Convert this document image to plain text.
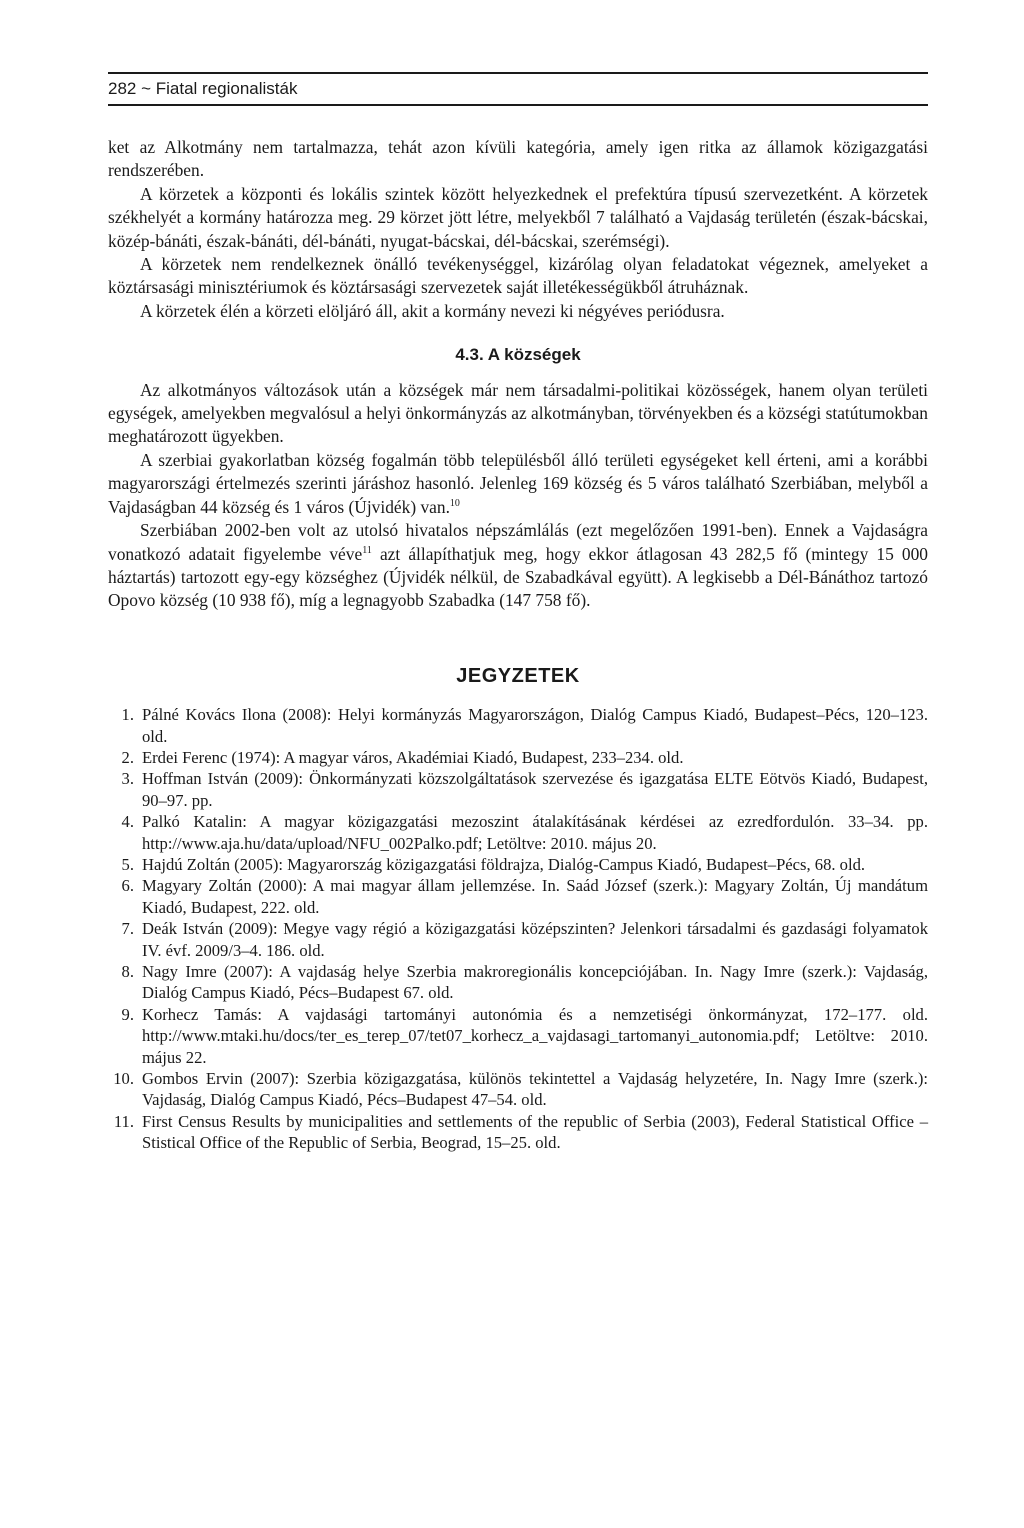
282 ~ Fiatal regionalisták

ket az Alkotmány nem tartalmazza, tehát azon kívüli kategória, amely igen ritka az államok közigazgatási rendszerében.

A körzetek a központi és lokális szintek között helyezkednek el prefektúra típusú szervezetként. A körzetek székhelyét a kormány határozza meg. 29 körzet jött létre, melyekből 7 található a Vajdaság területén (észak-bácskai, közép-bánáti, észak-bánáti, dél-bánáti, nyugat-bácskai, dél-bácskai, szerémségi).

A körzetek nem rendelkeznek önálló tevékenységgel, kizárólag olyan feladatokat végeznek, amelyeket a köztársasági minisztériumok és köztársasági szervezetek saját illetékességükből átruháznak.

A körzetek élén a körzeti elöljáró áll, akit a kormány nevezi ki négyéves periódusra.

4.3. A községek

Az alkotmányos változások után a községek már nem társadalmi-politikai közösségek, hanem olyan területi egységek, amelyekben megvalósul a helyi önkormányzás az alkotmányban, törvényekben és a községi statútumokban meghatározott ügyekben.

A szerbiai gyakorlatban község fogalmán több településből álló területi egységeket kell érteni, ami a korábbi magyarországi értelmezés szerinti járáshoz hasonló. Jelenleg 169 község és 5 város található Szerbiában, melyből a Vajdaságban 44 község és 1 város (Újvidék) van.$^{10}$

Szerbiában 2002-ben volt az utolsó hivatalos népszámlálás (ezt megelőzően 1991-ben). Ennek a Vajdaságra vonatkozó adatait figyelembe véve$^{11}$ azt állapíthatjuk meg, hogy ekkor átlagosan 43 282,5 fő (mintegy 15 000 háztartás) tartozott egy-egy községhez (Újvidék nélkül, de Szabadkával együtt). A legkisebb a Dél-Bánáthoz tartozó Opovo község (10 938 fő), míg a legnagyobb Szabadka (147 758 fő).

JEGYZETEK
1. Pálné Kovács Ilona (2008): Helyi kormányzás Magyarországon, Dialóg Campus Kiadó, Budapest–Pécs, 120–123. old.
2. Erdei Ferenc (1974): A magyar város, Akadémiai Kiadó, Budapest, 233–234. old.
3. Hoffman István (2009): Önkormányzati közszolgáltatások szervezése és igazgatása ELTE Eötvös Kiadó, Budapest, 90–97. pp.
4. Palkó Katalin: A magyar közigazgatási mezoszint átalakításának kérdései az ezredfordulón. 33–34. pp. http://www.aja.hu/data/upload/NFU_002Palko.pdf; Letöltve: 2010. május 20.
5. Hajdú Zoltán (2005): Magyarország közigazgatási földrajza, Dialóg-Campus Kiadó, Budapest–Pécs, 68. old.
6. Magyary Zoltán (2000): A mai magyar állam jellemzése. In. Saád József (szerk.): Magyary Zoltán, Új mandátum Kiadó, Budapest, 222. old.
7. Deák István (2009): Megye vagy régió a közigazgatási középszinten? Jelenkori társadalmi és gazdasági folyamatok IV. évf. 2009/3–4. 186. old.
8. Nagy Imre (2007): A vajdaság helye Szerbia makroregionális koncepciójában. In. Nagy Imre (szerk.): Vajdaság, Dialóg Campus Kiadó, Pécs–Budapest 67. old.
9. Korhecz Tamás: A vajdasági tartományi autonómia és a nemzetiségi önkormányzat, 172–177. old. http://www.mtaki.hu/docs/ter_es_terep_07/tet07_korhecz_a_vajdasagi_tartomanyi_autonomia.pdf; Letöltve: 2010. május 22.
10. Gombos Ervin (2007): Szerbia közigazgatása, különös tekintettel a Vajdaság helyzetére, In. Nagy Imre (szerk.): Vajdaság, Dialóg Campus Kiadó, Pécs–Budapest 47–54. old.
11. First Census Results by municipalities and settlements of the republic of Serbia (2003), Federal Statistical Office – Stistical Office of the Republic of Serbia, Beograd, 15–25. old.
